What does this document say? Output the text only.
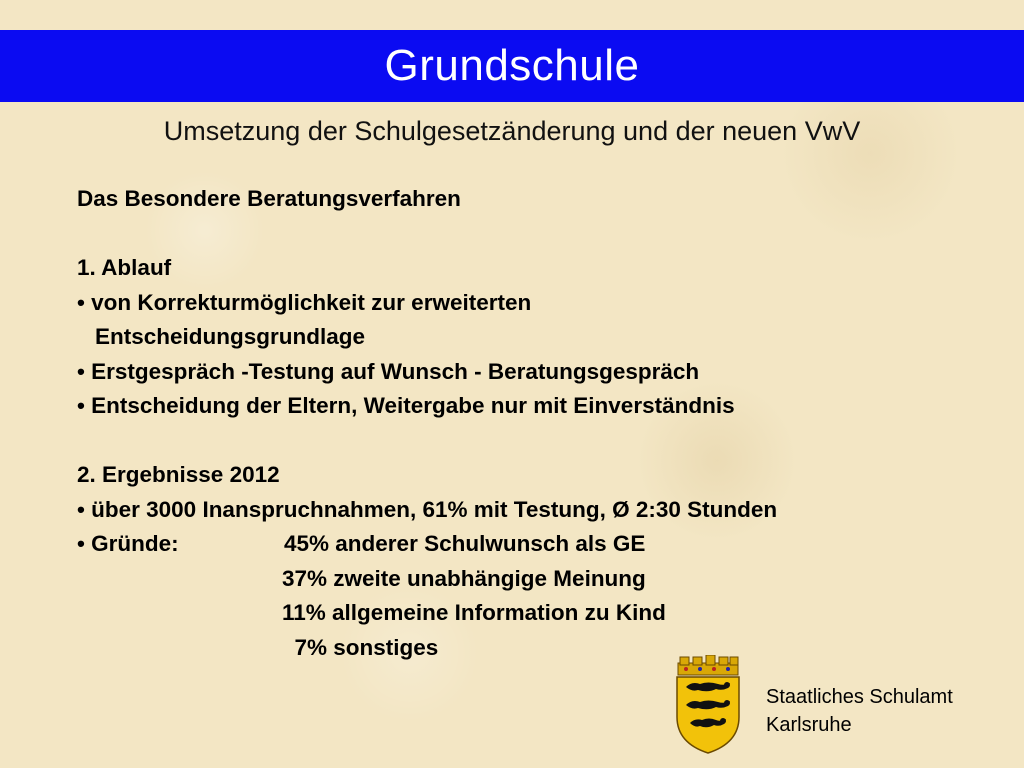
Grundschule
Umsetzung der Schulgesetzänderung und der neuen VwV
Das Besondere Beratungsverfahren
1. Ablauf
• von Korrekturmöglichkeit zur erweiterten
Entscheidungsgrundlage
• Erstgespräch -Testung auf Wunsch - Beratungsgespräch
• Entscheidung der Eltern, Weitergabe nur mit Einverständnis
2. Ergebnisse 2012
• über 3000 Inanspruchnahmen, 61% mit Testung, Ø 2:30 Stunden
• Gründe:	45% anderer Schulwunsch als GE
37% zweite unabhängige Meinung
11% allgemeine Information zu Kind
7% sonstiges
Staatliches Schulamt
Karlsruhe
